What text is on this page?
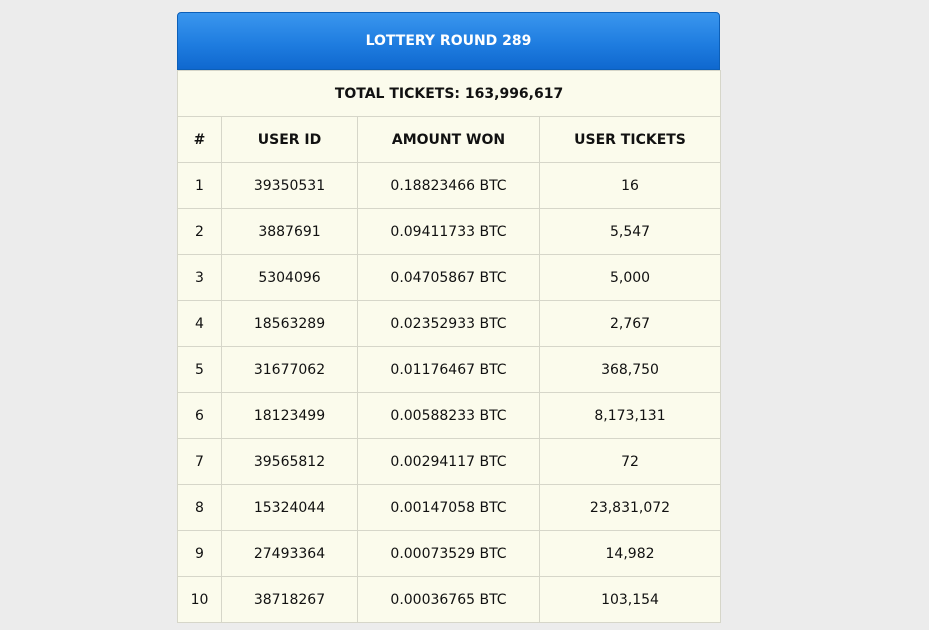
LOTTERY ROUND 289
TOTAL TICKETS: 163,996,617			
#	USER ID	AMOUNT WON	USER TICKETS
1	39350531	0.18823466 BTC	16
2	3887691	0.09411733 BTC	5,547
3	5304096	0.04705867 BTC	5,000
4	18563289	0.02352933 BTC	2,767
5	31677062	0.01176467 BTC	368,750
6	18123499	0.00588233 BTC	8,173,131
7	39565812	0.00294117 BTC	72
8	15324044	0.00147058 BTC	23,831,072
9	27493364	0.00073529 BTC	14,982
10	38718267	0.00036765 BTC	103,154
